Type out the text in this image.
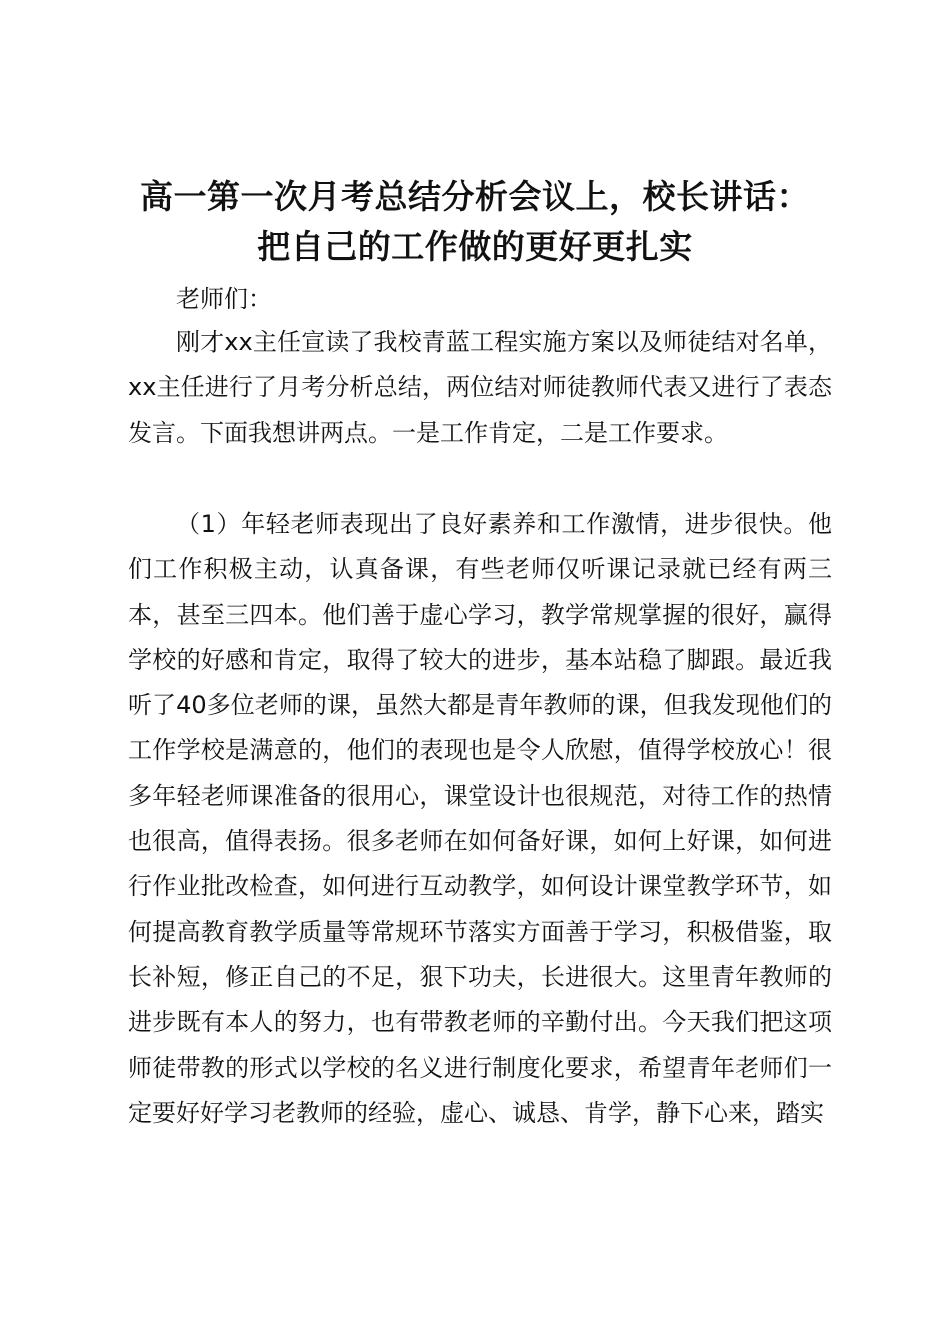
高一第一次月考总结分析会议上，校长讲话：
把自己的工作做的更好更扎实

老师们：

刚才xx主任宣读了我校青蓝工程实施方案以及师徒结对名单，xx主任进行了月考分析总结，两位结对师徒教师代表又进行了表态发言。下面我想讲两点。一是工作肯定，二是工作要求。

（1）年轻老师表现出了良好素养和工作激情，进步很快。他们工作积极主动，认真备课，有些老师仅听课记录就已经有两三本，甚至三四本。他们善于虚心学习，教学常规掌握的很好，赢得学校的好感和肯定，取得了较大的进步，基本站稳了脚跟。最近我听了40多位老师的课，虽然大都是青年教师的课，但我发现他们的工作学校是满意的，他们的表现也是令人欣慰，值得学校放心！很多年轻老师课准备的很用心，课堂设计也很规范，对待工作的热情也很高，值得表扬。很多老师在如何备好课，如何上好课，如何进行作业批改检查，如何进行互动教学，如何设计课堂教学环节，如何提高教育教学质量等常规环节落实方面善于学习，积极借鉴，取长补短，修正自己的不足，狠下功夫，长进很大。这里青年教师的进步既有本人的努力，也有带教老师的辛勤付出。今天我们把这项师徒带教的形式以学校的名义进行制度化要求，希望青年老师们一定要好好学习老教师的经验，虚心、诚恳、肯学，静下心来，踏实
